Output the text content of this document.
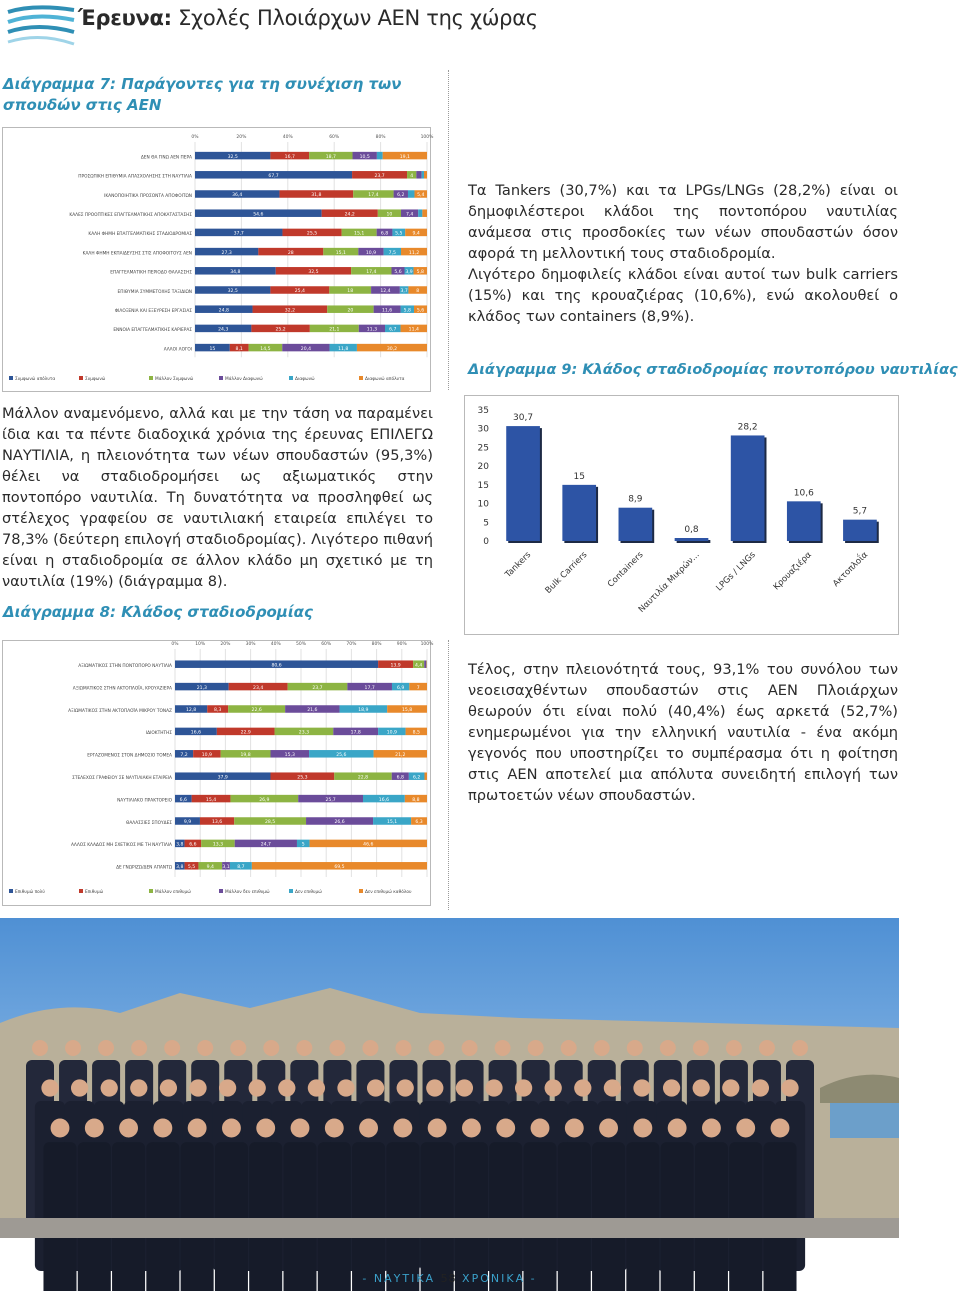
Έρευνα: Σχολές Πλοιάρχων ΑΕΝ της χώρας
Διάγραμμα 7: Παράγοντες για τη συνέχιση των σπουδών στις ΑΕΝ
0%	20%	40%	60%	80%	100%
ΔΕΝ ΘΑ ΓΙΝΩ ΑΕΝ ΠΕΡΑ	32,5	16,7	18,7	10,5	19,1
ΠΡΟΣΩΠΙΚΗ ΕΠΙΘΥΜΙΑ ΑΠΑΣΧΟΛΗΣΗΣ ΣΤΗ ΝΑΥΤΙΛΙΑ	67,7	23,7	4
ΙΚΑΝΟΠΟΙΗΤΙΚΑ ΠΡΟΣΟΝΤΑ ΑΠΟΦΟΙΤΩΝ	36,4	31,8	17,4	6,2	5,4
ΚΑΛΕΣ ΠΡΟΟΠΤΙΚΕΣ ΕΠΑΓΓΕΛΜΑΤΙΚΗΣ ΑΠΟΚΑΤΑΣΤΑΣΗΣ	54,6	24,2	10	7,4
ΚΑΛΗ ΦΗΜΗ ΕΠΑΓΓΕΛΜΑΤΙΚΗΣ ΣΤΑΔΙΟΔΡΟΜΙΑΣ	37,7	25,5	15,1	6,8 5,5 9,4
ΚΑΛΗ ΦΗΜΗ ΕΚΠΑΙΔΕΥΣΗΣ ΣΤΙΣ ΑΠΟΦΟΙΤΟΥΣ ΑΕΝ	27,3	28	15,1	10,9	7,5	11,2
ΕΠΑΓΓΕΛΜΑΤΙΚΗ ΠΕΡΙΟΔΟ ΘΑΛΑΣΣΗΣ	34,8	32,5	17,4	5,6 3,9 5,8
ΕΠΙΘΥΜΙΑ ΣΥΜΜΕΤΟΧΗΣ ΤΑΞΙΔΙΩΝ	32,5	25,4	18	12,4 3,7 8
ΦΙΛΟΞΕΝΙΑ ΚΑΙ ΕΞΕΥΡΕΣΗ ΕΡΓΑΣΙΑΣ	24,8	32,2	20	11,6 5,8 5,6
ΕΝΝΟΙΑ ΕΠΑΓΓΕΛΜΑΤΙΚΗΣ ΚΑΡΙΕΡΑΣ	24,3	25,2	21,1	11,3	6,7	11,4
ΑΛΛΟΙ ΛΟΓΟΙ	15	8,1	14,5	20,4	11,8	30,2
Συμφωνώ απόλυτα	Συμφωνώ	Μάλλον Συμφωνώ	Μάλλον Διαφωνώ	Διαφωνώ	Διαφωνώ απόλυτα

Μάλλον αναμενόμενο, αλλά και με την τάση να παραμένει ίδια και τα πέντε διαδοχικά χρόνια της έρευνας ΕΠΙΛΕΓΩ ΝΑΥΤΙΛΙΑ, η πλειονότητα των νέων σπουδαστών (95,3%) θέλει να σταδιοδρομήσει ως αξιωματικός στην ποντοπόρο ναυτιλία. Τη δυνατότητα να προσληφθεί ως στέλεχος γραφείου σε ναυτιλιακή εταιρεία επιλέγει το 78,3% (δεύτερη επιλογή σταδιοδρομίας). Λιγότερο πιθανή είναι η σταδιοδρομία σε άλλον κλάδο μη σχετικό με τη ναυτιλία (19%) (διάγραμμα 8).

Διάγραμμα 8: Κλάδος σταδιοδρομίας
0%	10%	20%	30%	40%	50%	60%	70%	80%	90%	100%
ΑΞΙΩΜΑΤΙΚΟΣ ΣΤΗΝ ΠΟΝΤΟΠΟΡΟ ΝΑΥΤΙΛΙΑ	80,6	13,9	4,4
ΑΞΙΩΜΑΤΙΚΟΣ ΣΤΗΝ ΑΚΤΟΠΛΟΪΑ, ΚΡΟΥΑΖΙΕΡΑ	21,3	23,4	23,7	17,7	6,9	7
ΑΞΙΩΜΑΤΙΚΟΣ ΣΤΗΝ ΑΚΤΟΠΛΟΪΑ ΜΙΚΡΟΥ ΤΟΝΑΖ	12,8	8,3	22,6	21,6	18,9	15,8
ΙΔΙΟΚΤΗΤΗΣ	16,6	22,9	23,3	17,8	10,9	8,5
ΕΡΓΑΖΟΜΕΝΟΣ ΣΤΟΝ ΔΗΜΟΣΙΟ ΤΟΜΕΑ 7,2	10,9	19,8	15,3	25,6	21,2
ΣΤΕΛΕΧΟΣ ΓΡΑΦΕΙΟΥ ΣΕ ΝΑΥΤΙΛΙΑΚΗ ΕΤΑΙΡΕΙΑ	37,9	25,3	22,8	6,8 6,2
ΝΑΥΤΙΛΙΑΚΟ ΠΡΑΚΤΟΡΕΙΟ 6,6	15,4	26,9	25,7	16,6	8,8
ΘΑΛΑΣΣΙΕΣ ΣΠΟΥΔΕΣ	9,9	13,6	28,5	26,6	15,1	6,3
ΑΛΛΟΣ ΚΛΑΔΟΣ ΜΗ ΣΧΕΤΙΚΟΣ ΜΕ ΤΗ ΝΑΥΤΙΛΙΑ 3,8 6,6	13,3	24,7	5	46,6
ΔΕ ΓΝΩΡΙΖΩ/ΔΕΝ ΑΠΑΝΤΩ 3,8 5,5 9,4 3,1 8,7	69,5
Επιθυμώ πολύ	Επιθυμώ	Μάλλον επιθυμώ	Μάλλον δεν επιθυμώ	Δεν επιθυμώ	Δεν επιθυμώ καθόλου

Τα Tankers (30,7%) και τα LPGs/LNGs (28,2%) είναι οι δημοφιλέστεροι κλάδοι της ποντοπόρου ναυτιλίας ανάμεσα στις προσδοκίες των νέων σπουδαστών όσον αφορά τη μελλοντική τους σταδιοδρομία.

Λιγότερο δημοφιλείς κλάδοι είναι αυτοί των bulk carriers (15%) και της κρουαζιέρας (10,6%), ενώ ακολουθεί ο κλάδος των containers (8,9%).

Διάγραμμα 9: Κλάδος σταδιοδρομίας ποντοπόρου ναυτιλίας
0
5
10
15
20
25
30
35
30,7
Tankers
15
Bulk Carriers
8,9
Containers
0,8
Ναυτιλία Μικρών...
28,2
LPGs / LNGs
10,6
Κρουαζιέρα
5,7
Ακτοπλοΐα

Τέλος, στην πλειονότητά τους, 93,1% του συνόλου των νεοεισαχθέντων σπουδαστών στις ΑΕΝ Πλοιάρχων θεωρούν ότι είναι πολύ (40,4%) έως αρκετά (52,7%) ενημερωμένοι για την ελληνική ναυτιλία - ένα ακόμη γεγονός που υποστηρίζει το συμπέρασμα ότι η φοίτηση στις ΑΕΝ αποτελεί μια απόλυτα συνειδητή επιλογή των πρωτοετών νέων σπουδαστών.

- ΝΑΥΤΙΚΑ 58 ΧΡΟΝΙΚΑ -
